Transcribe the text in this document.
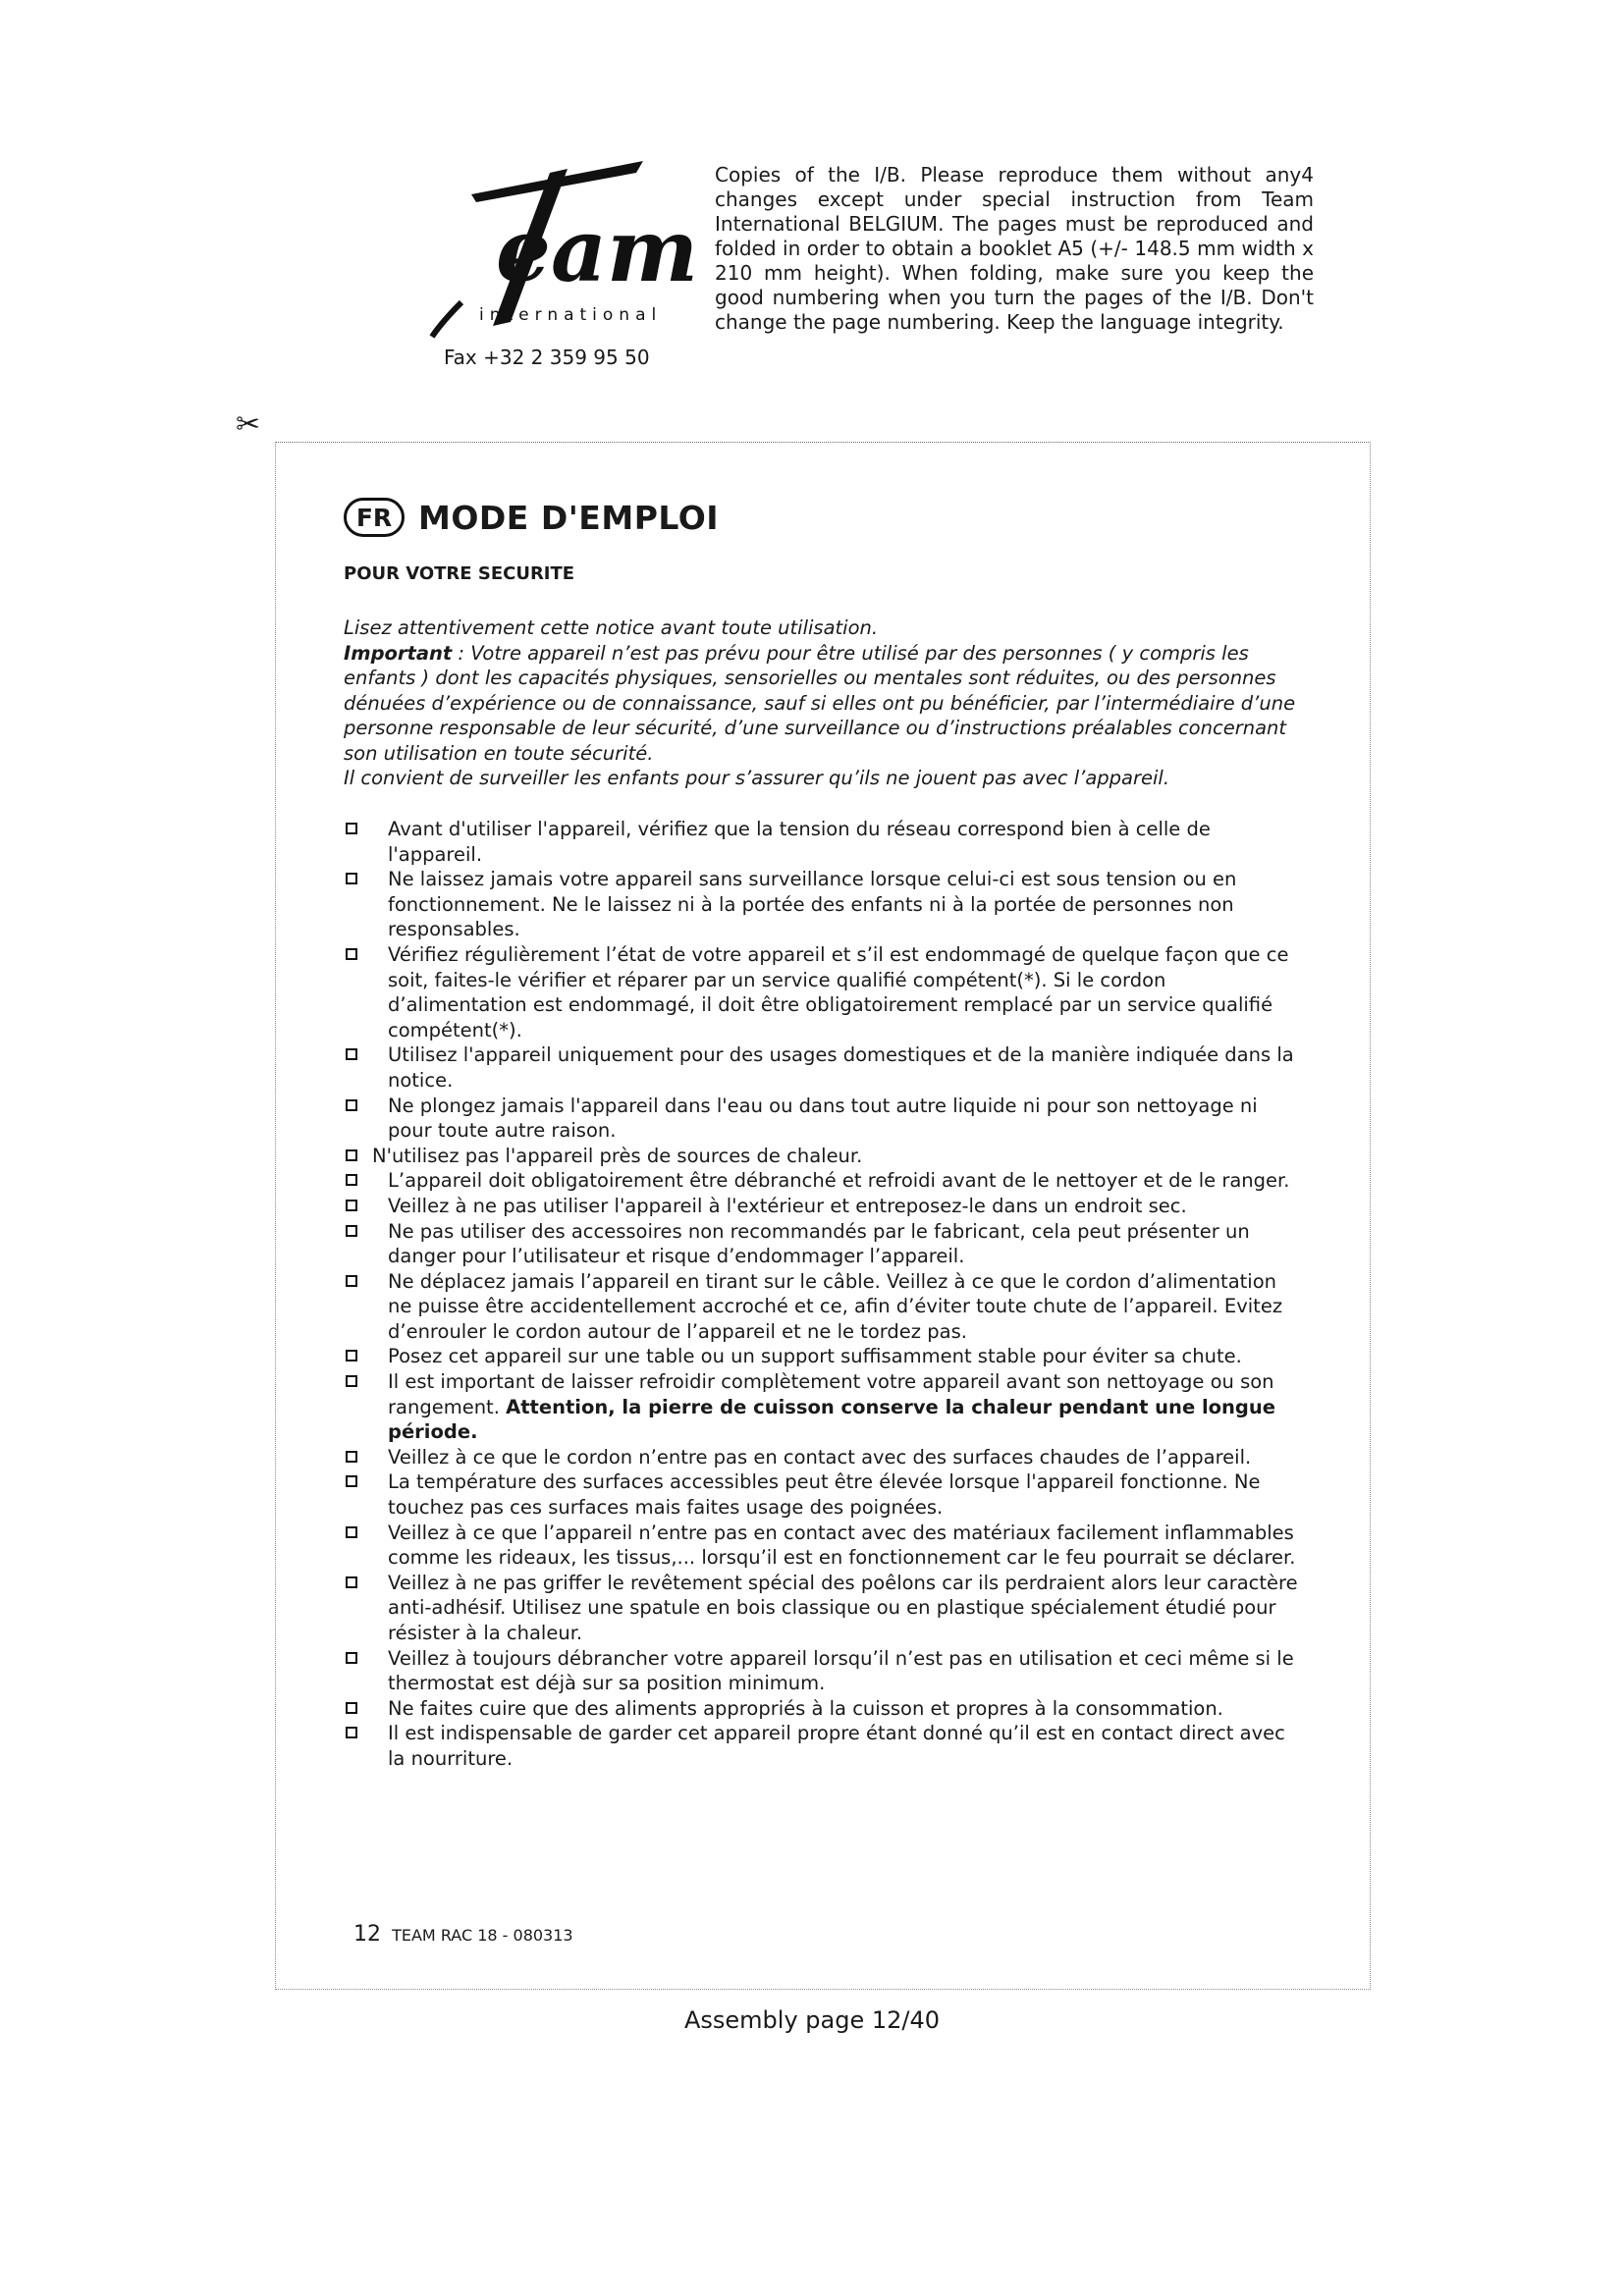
eam
international
Fax +32 2 359 95 50

Copies of the I/B. Please reproduce them without any4 changes except under special instruction from Team International BELGIUM. The pages must be reproduced and folded in order to obtain a booklet A5 (+/- 148.5 mm width x 210 mm height). When folding, make sure you keep the good numbering when you turn the pages of the I/B. Don't change the page numbering. Keep the language integrity.

✂
FR MODE D'EMPLOI
POUR VOTRE SECURITE

Lisez attentivement cette notice avant toute utilisation.

Important : Votre appareil n’est pas prévu pour être utilisé par des personnes ( y compris les enfants ) dont les capacités physiques, sensorielles ou mentales sont réduites, ou des personnes dénuées d’expérience ou de connaissance, sauf si elles ont pu bénéficier, par l’intermédiaire d’une personne responsable de leur sécurité, d’une surveillance ou d’instructions préalables concernant son utilisation en toute sécurité.

Il convient de surveiller les enfants pour s’assurer qu’ils ne jouent pas avec l’appareil.

Avant d'utiliser l'appareil, vérifiez que la tension du réseau correspond bien à celle de l'appareil.
Ne laissez jamais votre appareil sans surveillance lorsque celui-ci est sous tension ou en fonctionnement. Ne le laissez ni à la portée des enfants ni à la portée de personnes non responsables.
Vérifiez régulièrement l’état de votre appareil et s’il est endommagé de quelque façon que ce soit, faites-le vérifier et réparer par un service qualifié compétent(*). Si le cordon d’alimentation est endommagé, il doit être obligatoirement remplacé par un service qualifié compétent(*).
Utilisez l'appareil uniquement pour des usages domestiques et de la manière indiquée dans la notice.
Ne plongez jamais l'appareil dans l'eau ou dans tout autre liquide ni pour son nettoyage ni pour toute autre raison.
N'utilisez pas l'appareil près de sources de chaleur.
L’appareil doit obligatoirement être débranché et refroidi avant de le nettoyer et de le ranger.
Veillez à ne pas utiliser l'appareil à l'extérieur et entreposez-le dans un endroit sec.
Ne pas utiliser des accessoires non recommandés par le fabricant, cela peut présenter un danger pour l’utilisateur et risque d’endommager l’appareil.
Ne déplacez jamais l’appareil en tirant sur le câble. Veillez à ce que le cordon d’alimentation ne puisse être accidentellement accroché et ce, afin d’éviter toute chute de l’appareil. Evitez d’enrouler le cordon autour de l’appareil et ne le tordez pas.
Posez cet appareil sur une table ou un support suffisamment stable pour éviter sa chute.
Il est important de laisser refroidir complètement votre appareil avant son nettoyage ou son rangement. Attention, la pierre de cuisson conserve la chaleur pendant une longue période.
Veillez à ce que le cordon n’entre pas en contact avec des surfaces chaudes de l’appareil.
La température des surfaces accessibles peut être élevée lorsque l'appareil fonctionne. Ne touchez pas ces surfaces mais faites usage des poignées.
Veillez à ce que l’appareil n’entre pas en contact avec des matériaux facilement inflammables comme les rideaux, les tissus,... lorsqu’il est en fonctionnement car le feu pourrait se déclarer.
Veillez à ne pas griffer le revêtement spécial des poêlons car ils perdraient alors leur caractère anti-adhésif. Utilisez une spatule en bois classique ou en plastique spécialement étudié pour résister à la chaleur.
Veillez à toujours débrancher votre appareil lorsqu’il n’est pas en utilisation et ceci même si le thermostat est déjà sur sa position minimum.
Ne faites cuire que des aliments appropriés à la cuisson et propres à la consommation.
Il est indispensable de garder cet appareil propre étant donné qu’il est en contact direct avec la nourriture.
12 TEAM RAC 18 - 080313
Assembly page 12/40
